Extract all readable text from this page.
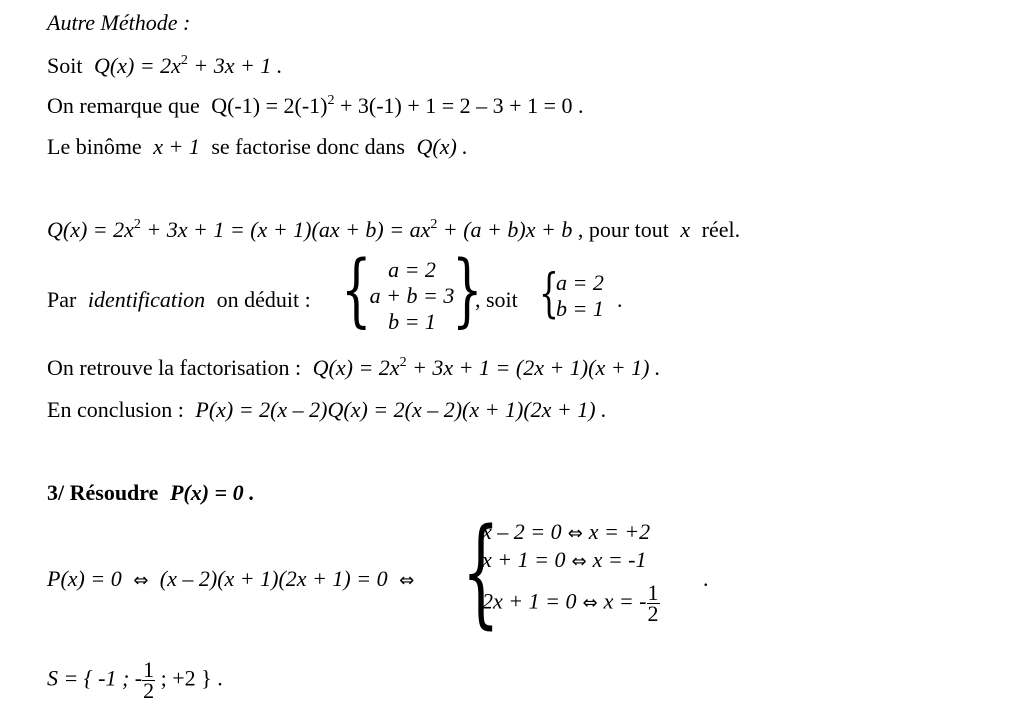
Autre Méthode :
Soit $Q(x) = 2x^2 + 3x + 1$ .
On remarque que $Q(-1) = 2(-1)^2 + 3(-1) + 1 = 2 - 3 + 1 = 0$ .
Le binôme x + 1 se factorise donc dans Q(x) .
$Q(x) = 2x^2 + 3x + 1 = (x + 1)(ax + b) = ax^2 + (a + b)x + b$ , pour tout x réel.
Par identification on déduit : { a = 2
a + b = 3
b = 1 }
, soit {
a = 2
b = 1 .
On retrouve la factorisation : $Q(x) = 2x^2 + 3x + 1 = (2x + 1)(x + 1)$ .
En conclusion : P(x) = 2(x – 2)Q(x) = 2(x – 2)(x + 1)(2x + 1) .
3/ Résoudre P(x) = 0 .
P(x) = 0 ⇔ (x – 2)(x + 1)(2x + 1) = 0 ⇔ {
x – 2 = 0 ⇔ x = +2
x + 1 = 0 ⇔ x = -1
2x + 1 = 0 ⇔ x = - $\frac{1}{2}$
.
S = { -1 ; - $\frac{1}{2}$ ; +2 } .
